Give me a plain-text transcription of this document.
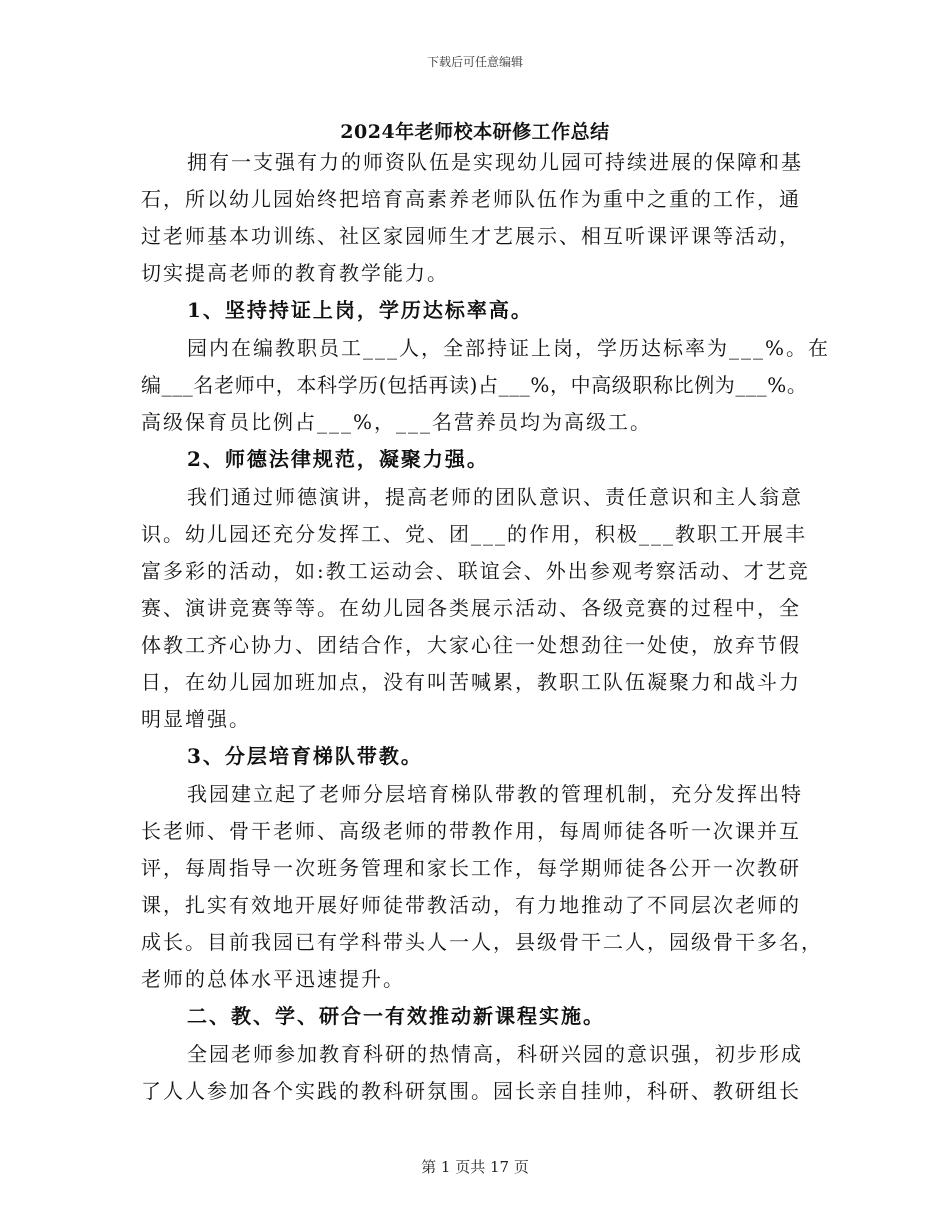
下载后可任意编辑
2024年老师校本研修工作总结
拥有一支强有力的师资队伍是实现幼儿园可持续进展的保障和基
石，所以幼儿园始终把培育高素养老师队伍作为重中之重的工作，通
过老师基本功训练、社区家园师生才艺展示、相互听课评课等活动，
切实提高老师的教育教学能力。
1、坚持持证上岗，学历达标率高。
园内在编教职员工___人，全部持证上岗，学历达标率为___%。在
编___名老师中，本科学历(包括再读)占___%，中高级职称比例为___%。
高级保育员比例占___%，___名营养员均为高级工。
2、师德法律规范，凝聚力强。
我们通过师德演讲，提高老师的团队意识、责任意识和主人翁意
识。幼儿园还充分发挥工、党、团___的作用，积极___教职工开展丰
富多彩的活动，如:教工运动会、联谊会、外出参观考察活动、才艺竞
赛、演讲竞赛等等。在幼儿园各类展示活动、各级竞赛的过程中，全
体教工齐心协力、团结合作，大家心往一处想劲往一处使，放弃节假
日，在幼儿园加班加点，没有叫苦喊累，教职工队伍凝聚力和战斗力
明显增强。
3、分层培育梯队带教。
我园建立起了老师分层培育梯队带教的管理机制，充分发挥出特
长老师、骨干老师、高级老师的带教作用，每周师徒各听一次课并互
评，每周指导一次班务管理和家长工作，每学期师徒各公开一次教研
课，扎实有效地开展好师徒带教活动，有力地推动了不同层次老师的
成长。目前我园已有学科带头人一人，县级骨干二人，园级骨干多名，
老师的总体水平迅速提升。
二、教、学、研合一有效推动新课程实施。
全园老师参加教育科研的热情高，科研兴园的意识强，初步形成
了人人参加各个实践的教科研氛围。园长亲自挂帅，科研、教研组长
第 1 页共 17 页
